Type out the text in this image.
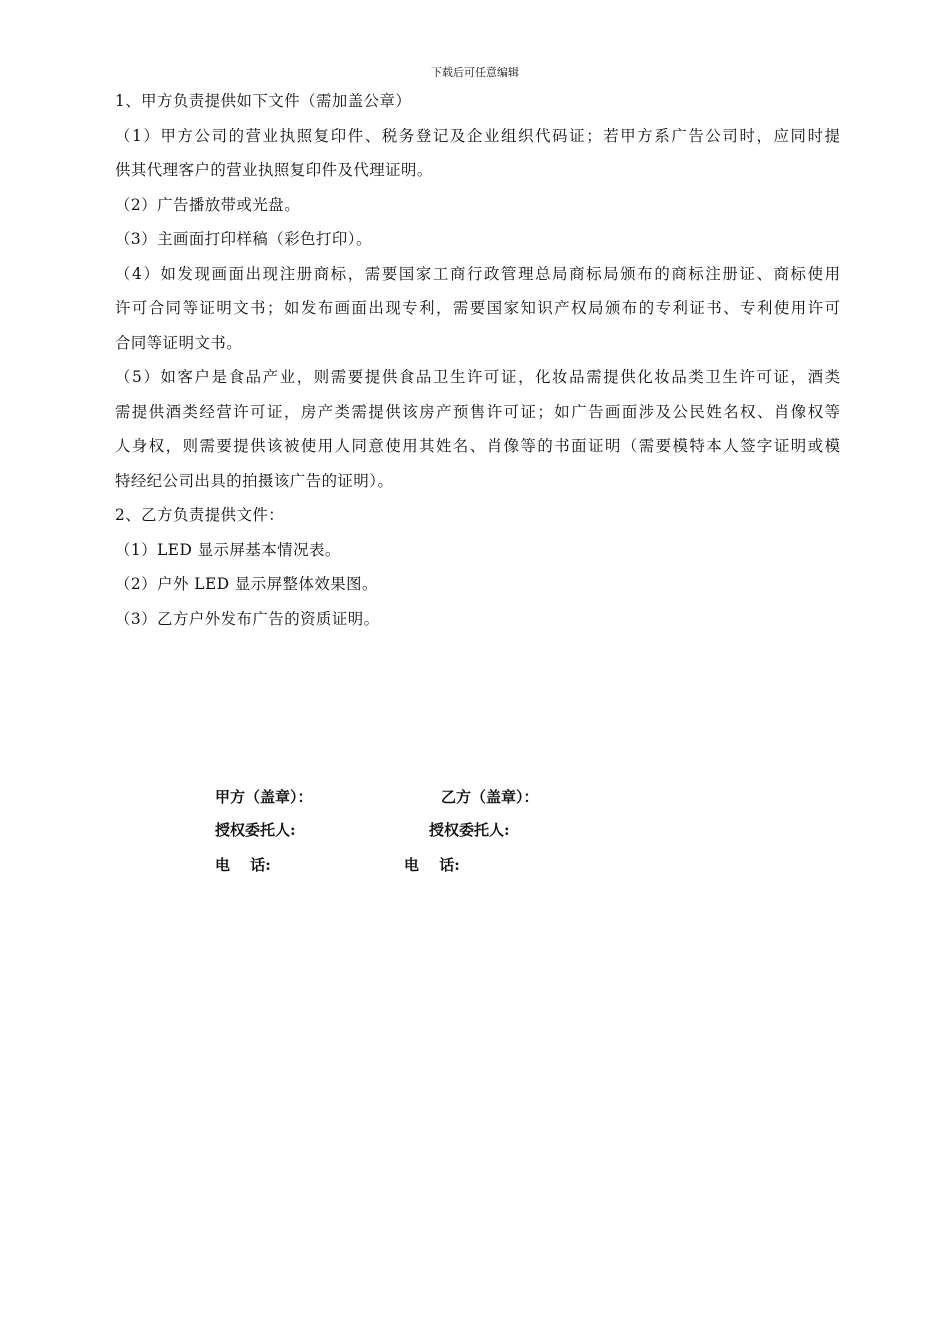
下载后可任意编辑
1、甲方负责提供如下文件（需加盖公章）
（1）甲方公司的营业执照复印件、税务登记及企业组织代码证；若甲方系广告公司时，应同时提
供其代理客户的营业执照复印件及代理证明。
（2）广告播放带或光盘。
（3）主画面打印样稿（彩色打印）。
（4）如发现画面出现注册商标，需要国家工商行政管理总局商标局颁布的商标注册证、商标使用
许可合同等证明文书；如发布画面出现专利，需要国家知识产权局颁布的专利证书、专利使用许可
合同等证明文书。
（5）如客户是食品产业，则需要提供食品卫生许可证，化妆品需提供化妆品类卫生许可证，酒类
需提供酒类经营许可证，房产类需提供该房产预售许可证；如广告画面涉及公民姓名权、肖像权等
人身权，则需要提供该被使用人同意使用其姓名、肖像等的书面证明（需要模特本人签字证明或模
特经纪公司出具的拍摄该广告的证明）。
2、乙方负责提供文件：
（1）LED 显示屏基本情况表。
（2）户外 LED 显示屏整体效果图。
（3）乙方户外发布广告的资质证明。
甲方（盖章）：	乙方（盖章）：
授权委托人:	授权委托人:
电　 话:	电　 话:
